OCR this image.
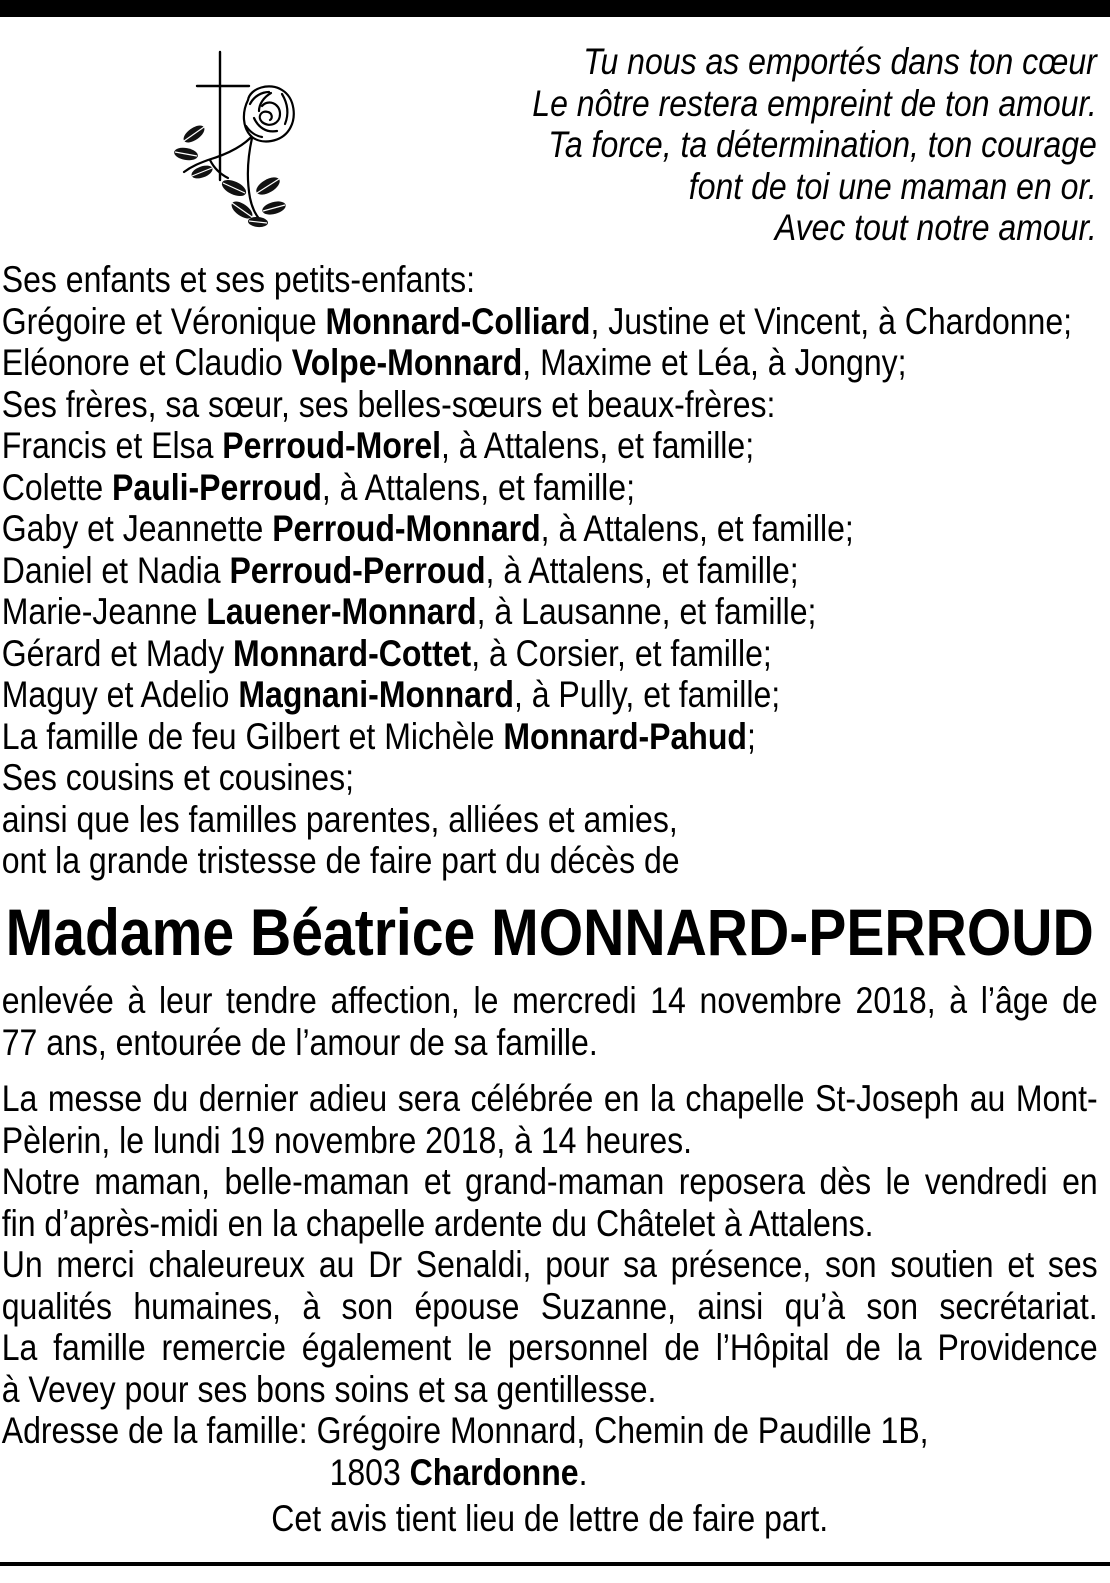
Tu nous as emportés dans ton cœur
Le nôtre restera empreint de ton amour.
Ta force, ta détermination, ton courage
font de toi une maman en or.
Avec tout notre amour.
Ses enfants et ses petits-enfants:
Grégoire et Véronique Monnard-Colliard, Justine et Vincent, à Chardonne;
Eléonore et Claudio Volpe-Monnard, Maxime et Léa, à Jongny;
Ses frères, sa sœur, ses belles-sœurs et beaux-frères:
Francis et Elsa Perroud-Morel, à Attalens, et famille;
Colette Pauli-Perroud, à Attalens, et famille;
Gaby et Jeannette Perroud-Monnard, à Attalens, et famille;
Daniel et Nadia Perroud-Perroud, à Attalens, et famille;
Marie-Jeanne Lauener-Monnard, à Lausanne, et famille;
Gérard et Mady Monnard-Cottet, à Corsier, et famille;
Maguy et Adelio Magnani-Monnard, à Pully, et famille;
La famille de feu Gilbert et Michèle Monnard-Pahud;
Ses cousins et cousines;
ainsi que les familles parentes, alliées et amies,
ont la grande tristesse de faire part du décès de
Madame Béatrice MONNARD-PERROUD
enlevée à leur tendre affection, le mercredi 14 novembre 2018, à l’âge de
77 ans, entourée de l’amour de sa famille.
La messe du dernier adieu sera célébrée en la chapelle St-Joseph au Mont-
Pèlerin, le lundi 19 novembre 2018, à 14 heures.
Notre maman, belle-maman et grand-maman reposera dès le vendredi en
fin d’après-midi en la chapelle ardente du Châtelet à Attalens.
Un merci chaleureux au Dr Senaldi, pour sa présence, son soutien et ses
qualités humaines, à son épouse Suzanne, ainsi qu’à son secrétariat.
La famille remercie également le personnel de l’Hôpital de la Providence
à Vevey pour ses bons soins et sa gentillesse.
Adresse de la famille: Grégoire Monnard, Chemin de Paudille 1B,
1803 Chardonne.
Cet avis tient lieu de lettre de faire part.
